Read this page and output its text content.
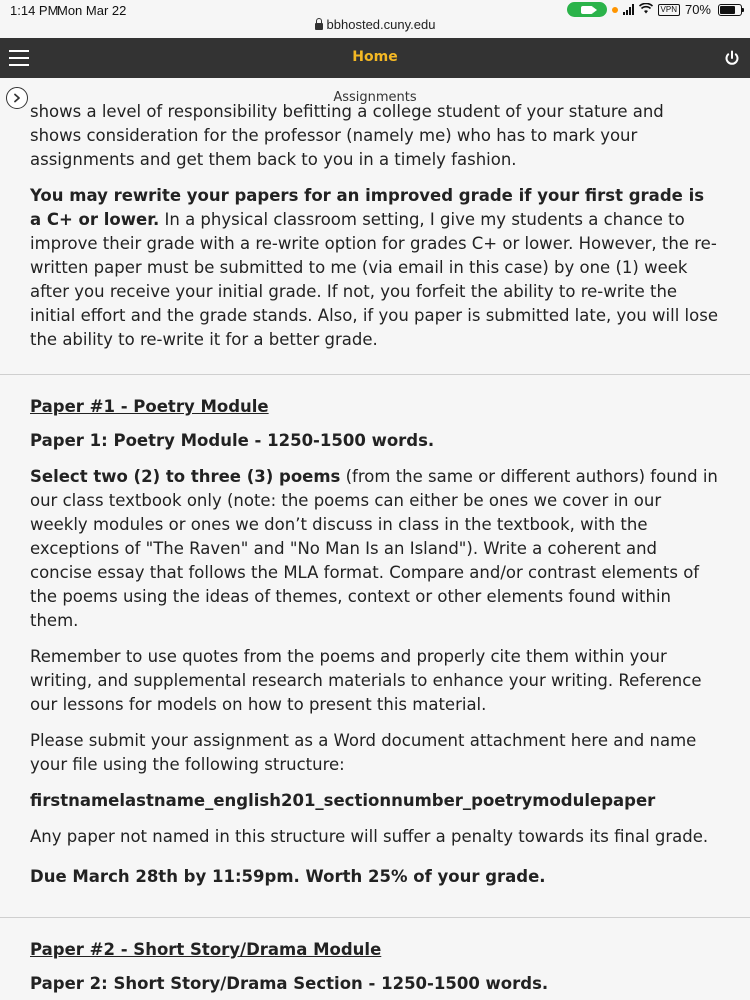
1:14 PM
Mon Mar 22	VPN 70%
bbhosted.cuny.edu
Home
Assignments

shows a level of responsibility befitting a college student of your stature and shows consideration for the professor (namely me) who has to mark your assignments and get them back to you in a timely fashion.

You may rewrite your papers for an improved grade if your first grade is a C+ or lower. In a physical classroom setting, I give my students a chance to improve their grade with a re-write option for grades C+ or lower. However, the re-written paper must be submitted to me (via email in this case) by one (1) week after you receive your initial grade. If not, you forfeit the ability to re-write the initial effort and the grade stands. Also, if you paper is submitted late, you will lose the ability to re-write it for a better grade.

Paper #1 - Poetry Module

Paper 1: Poetry Module - 1250-1500 words.

Select two (2) to three (3) poems (from the same or different authors) found in our class textbook only (note: the poems can either be ones we cover in our weekly modules or ones we don’t discuss in class in the textbook, with the exceptions of "The Raven" and "No Man Is an Island"). Write a coherent and concise essay that follows the MLA format. Compare and/or contrast elements of the poems using the ideas of themes, context or other elements found within them.

Remember to use quotes from the poems and properly cite them within your writing, and supplemental research materials to enhance your writing. Reference our lessons for models on how to present this material.

Please submit your assignment as a Word document attachment here and name your file using the following structure:

firstnamelastname_english201_sectionnumber_poetrymodulepaper

Any paper not named in this structure will suffer a penalty towards its final grade.

Due March 28th by 11:59pm. Worth 25% of your grade.

Paper #2 - Short Story/Drama Module

Paper 2: Short Story/Drama Section - 1250-1500 words.
